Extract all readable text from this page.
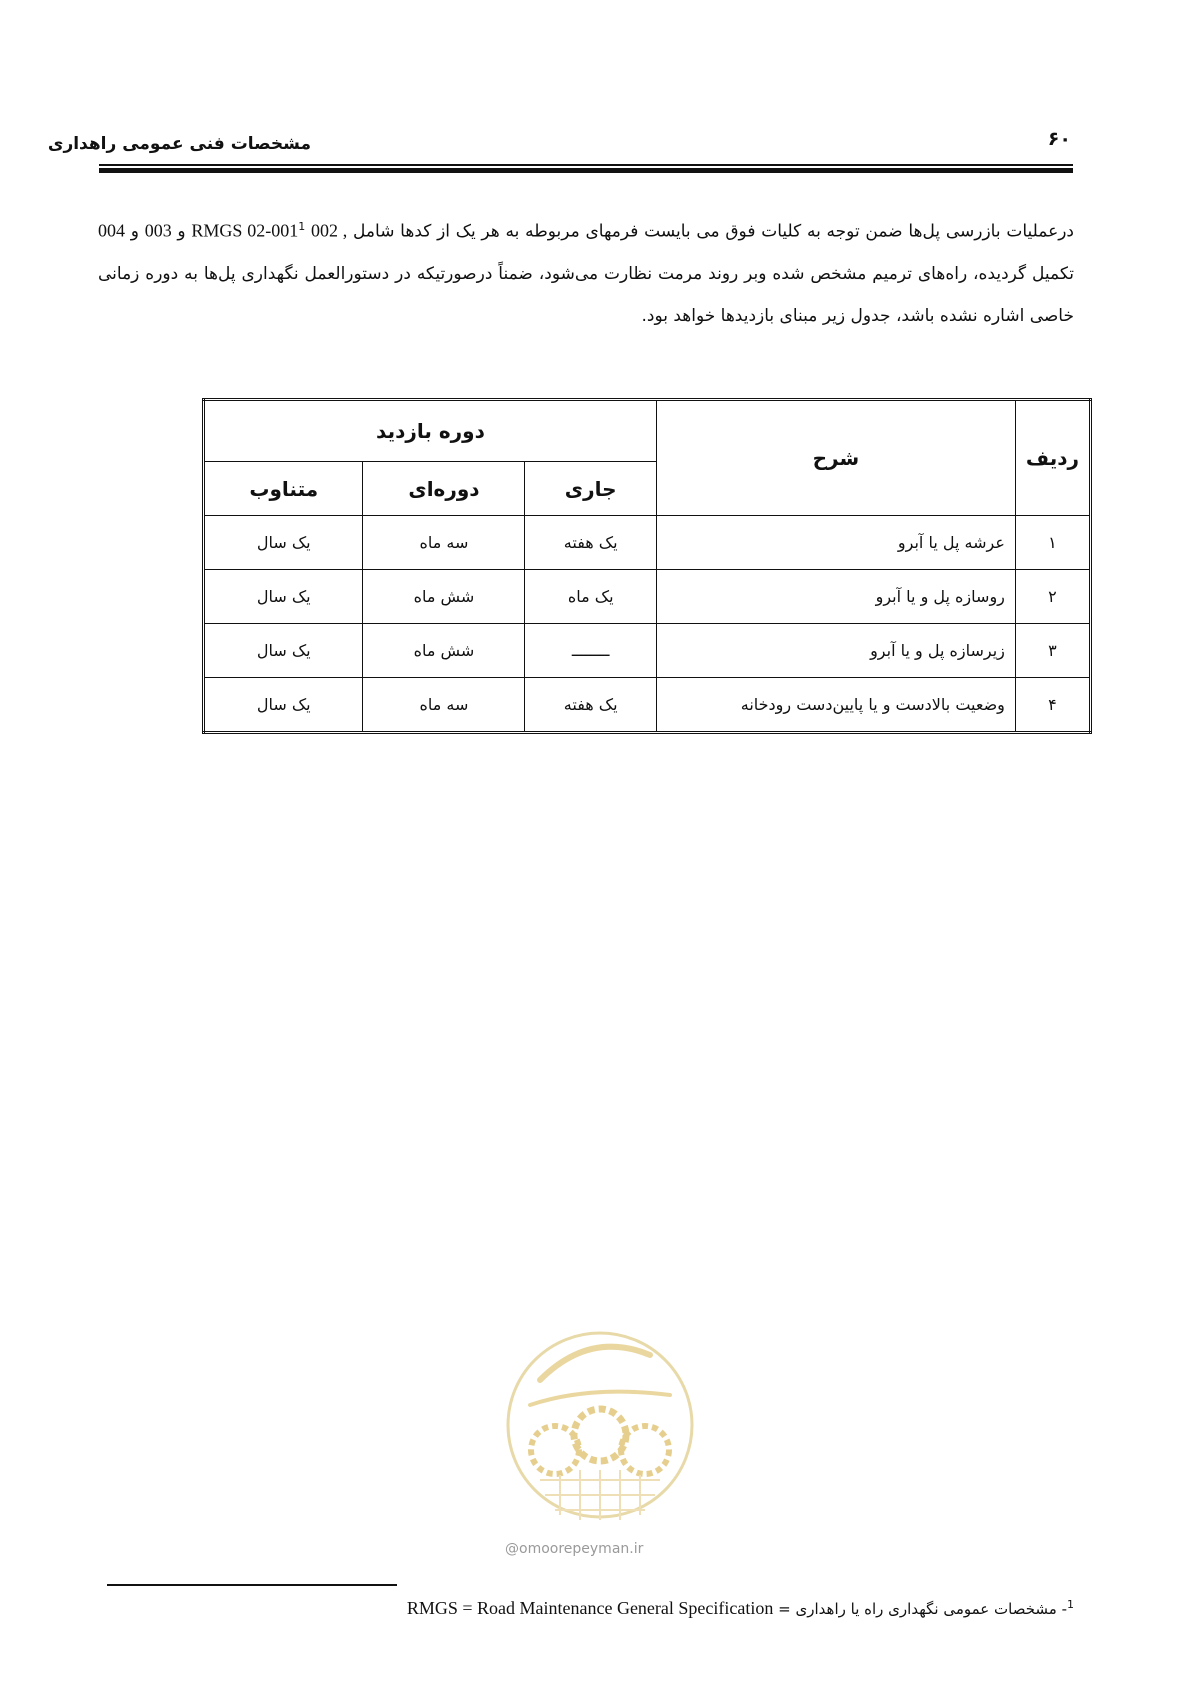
مشخصات فنی عمومی راهداری	۶۰

درعملیات بازرسی پل‌ها ضمن توجه به کلیات فوق می بایست فرمهای مربوطه به هر یک از کدها شامل RMGS $02-001^1$ 002 , و 003 و 004 تکمیل گردیده، راه‌های ترمیم مشخص شده وبر روند مرمت نظارت می‌شود، ضمناً درصورتیکه در دستورالعمل نگهداری پل‌ها به دوره زمانی خاصی اشاره نشده باشد، جدول زیر مبنای بازدیدها خواهد بود.

ردیف	شرح	دوره بازدید		
		جاری	دوره‌ای	متناوب
۱	عرشه پل یا آبرو	یک هفته	سه ماه	یک سال
۲	روسازه پل و یا آبرو	یک ماه	شش ماه	یک سال
۳	زیرسازه پل و یا آبرو	ــــــــ	شش ماه	یک سال
۴	وضعیت بالادست و یا پایین‌دست رودخانه	یک هفته	سه ماه	یک سال
@omoorepeyman.ir
$^1$- مشخصات عمومی نگهداری راه یا راهداری = RMGS = Road Maintenance General Specification
